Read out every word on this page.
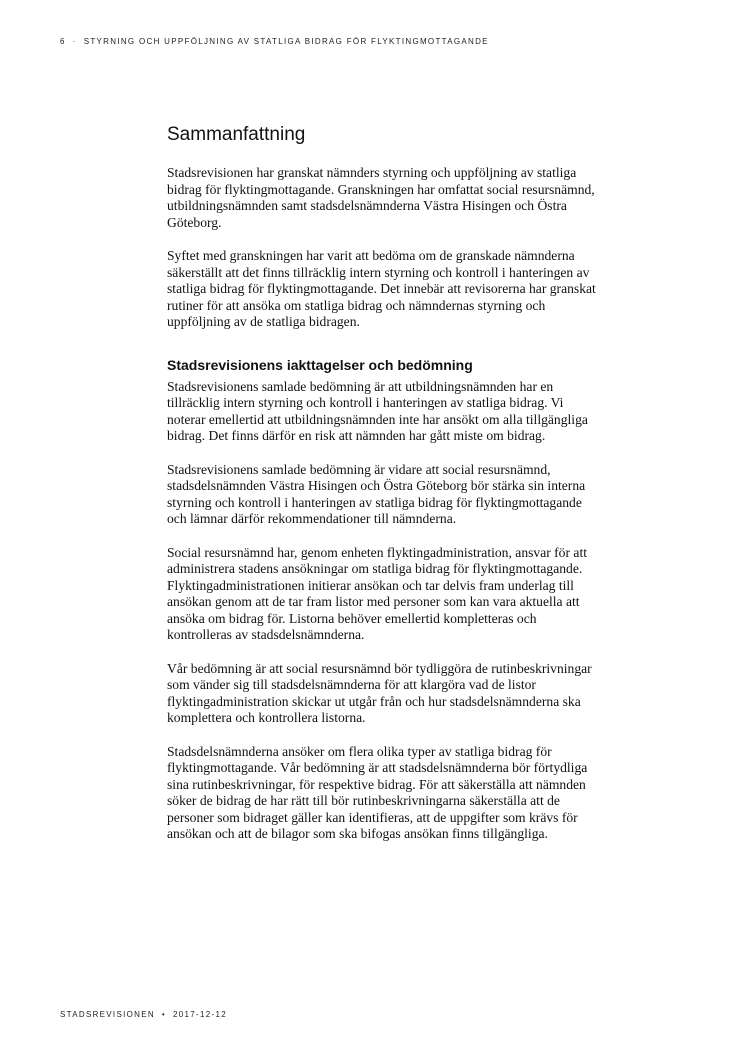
6 · STYRNING OCH UPPFÖLJNING AV STATLIGA BIDRAG FÖR FLYKTINGMOTTAGANDE
Sammanfattning

Stadsrevisionen har granskat nämnders styrning och uppföljning av statliga bidrag för flyktingmottagande. Granskningen har omfattat social resursnämnd, utbildningsnämnden samt stadsdelsnämnderna Västra Hisingen och Östra Göteborg.

Syftet med granskningen har varit att bedöma om de granskade nämnderna säkerställt att det finns tillräcklig intern styrning och kontroll i hanteringen av statliga bidrag för flyktingmottagande. Det innebär att revisorerna har granskat rutiner för att ansöka om statliga bidrag och nämndernas styrning och uppföljning av de statliga bidragen.

Stadsrevisionens iakttagelser och bedömning

Stadsrevisionens samlade bedömning är att utbildningsnämnden har en tillräcklig intern styrning och kontroll i hanteringen av statliga bidrag. Vi noterar emellertid att utbildningsnämnden inte har ansökt om alla tillgängliga bidrag. Det finns därför en risk att nämnden har gått miste om bidrag.

Stadsrevisionens samlade bedömning är vidare att social resursnämnd, stadsdelsnämnden Västra Hisingen och Östra Göteborg bör stärka sin interna styrning och kontroll i hanteringen av statliga bidrag för flyktingmottagande och lämnar därför rekommendationer till nämnderna.

Social resursnämnd har, genom enheten flyktingadministration, ansvar för att administrera stadens ansökningar om statliga bidrag för flyktingmottagande. Flyktingadministrationen initierar ansökan och tar delvis fram underlag till ansökan genom att de tar fram listor med personer som kan vara aktuella att ansöka om bidrag för. Listorna behöver emellertid kompletteras och kontrolleras av stadsdelsnämnderna.

Vår bedömning är att social resursnämnd bör tydliggöra de rutinbeskrivningar som vänder sig till stadsdelsnämnderna för att klargöra vad de listor flyktingadministration skickar ut utgår från och hur stadsdelsnämnderna ska komplettera och kontrollera listorna.

Stadsdelsnämnderna ansöker om flera olika typer av statliga bidrag för flyktingmottagande. Vår bedömning är att stadsdelsnämnderna bör förtydliga sina rutinbeskrivningar, för respektive bidrag. För att säkerställa att nämnden söker de bidrag de har rätt till bör rutinbeskrivningarna säkerställa att de personer som bidraget gäller kan identifieras, att de uppgifter som krävs för ansökan och att de bilagor som ska bifogas ansökan finns tillgängliga.

STADSREVISIONEN • 2017-12-12
